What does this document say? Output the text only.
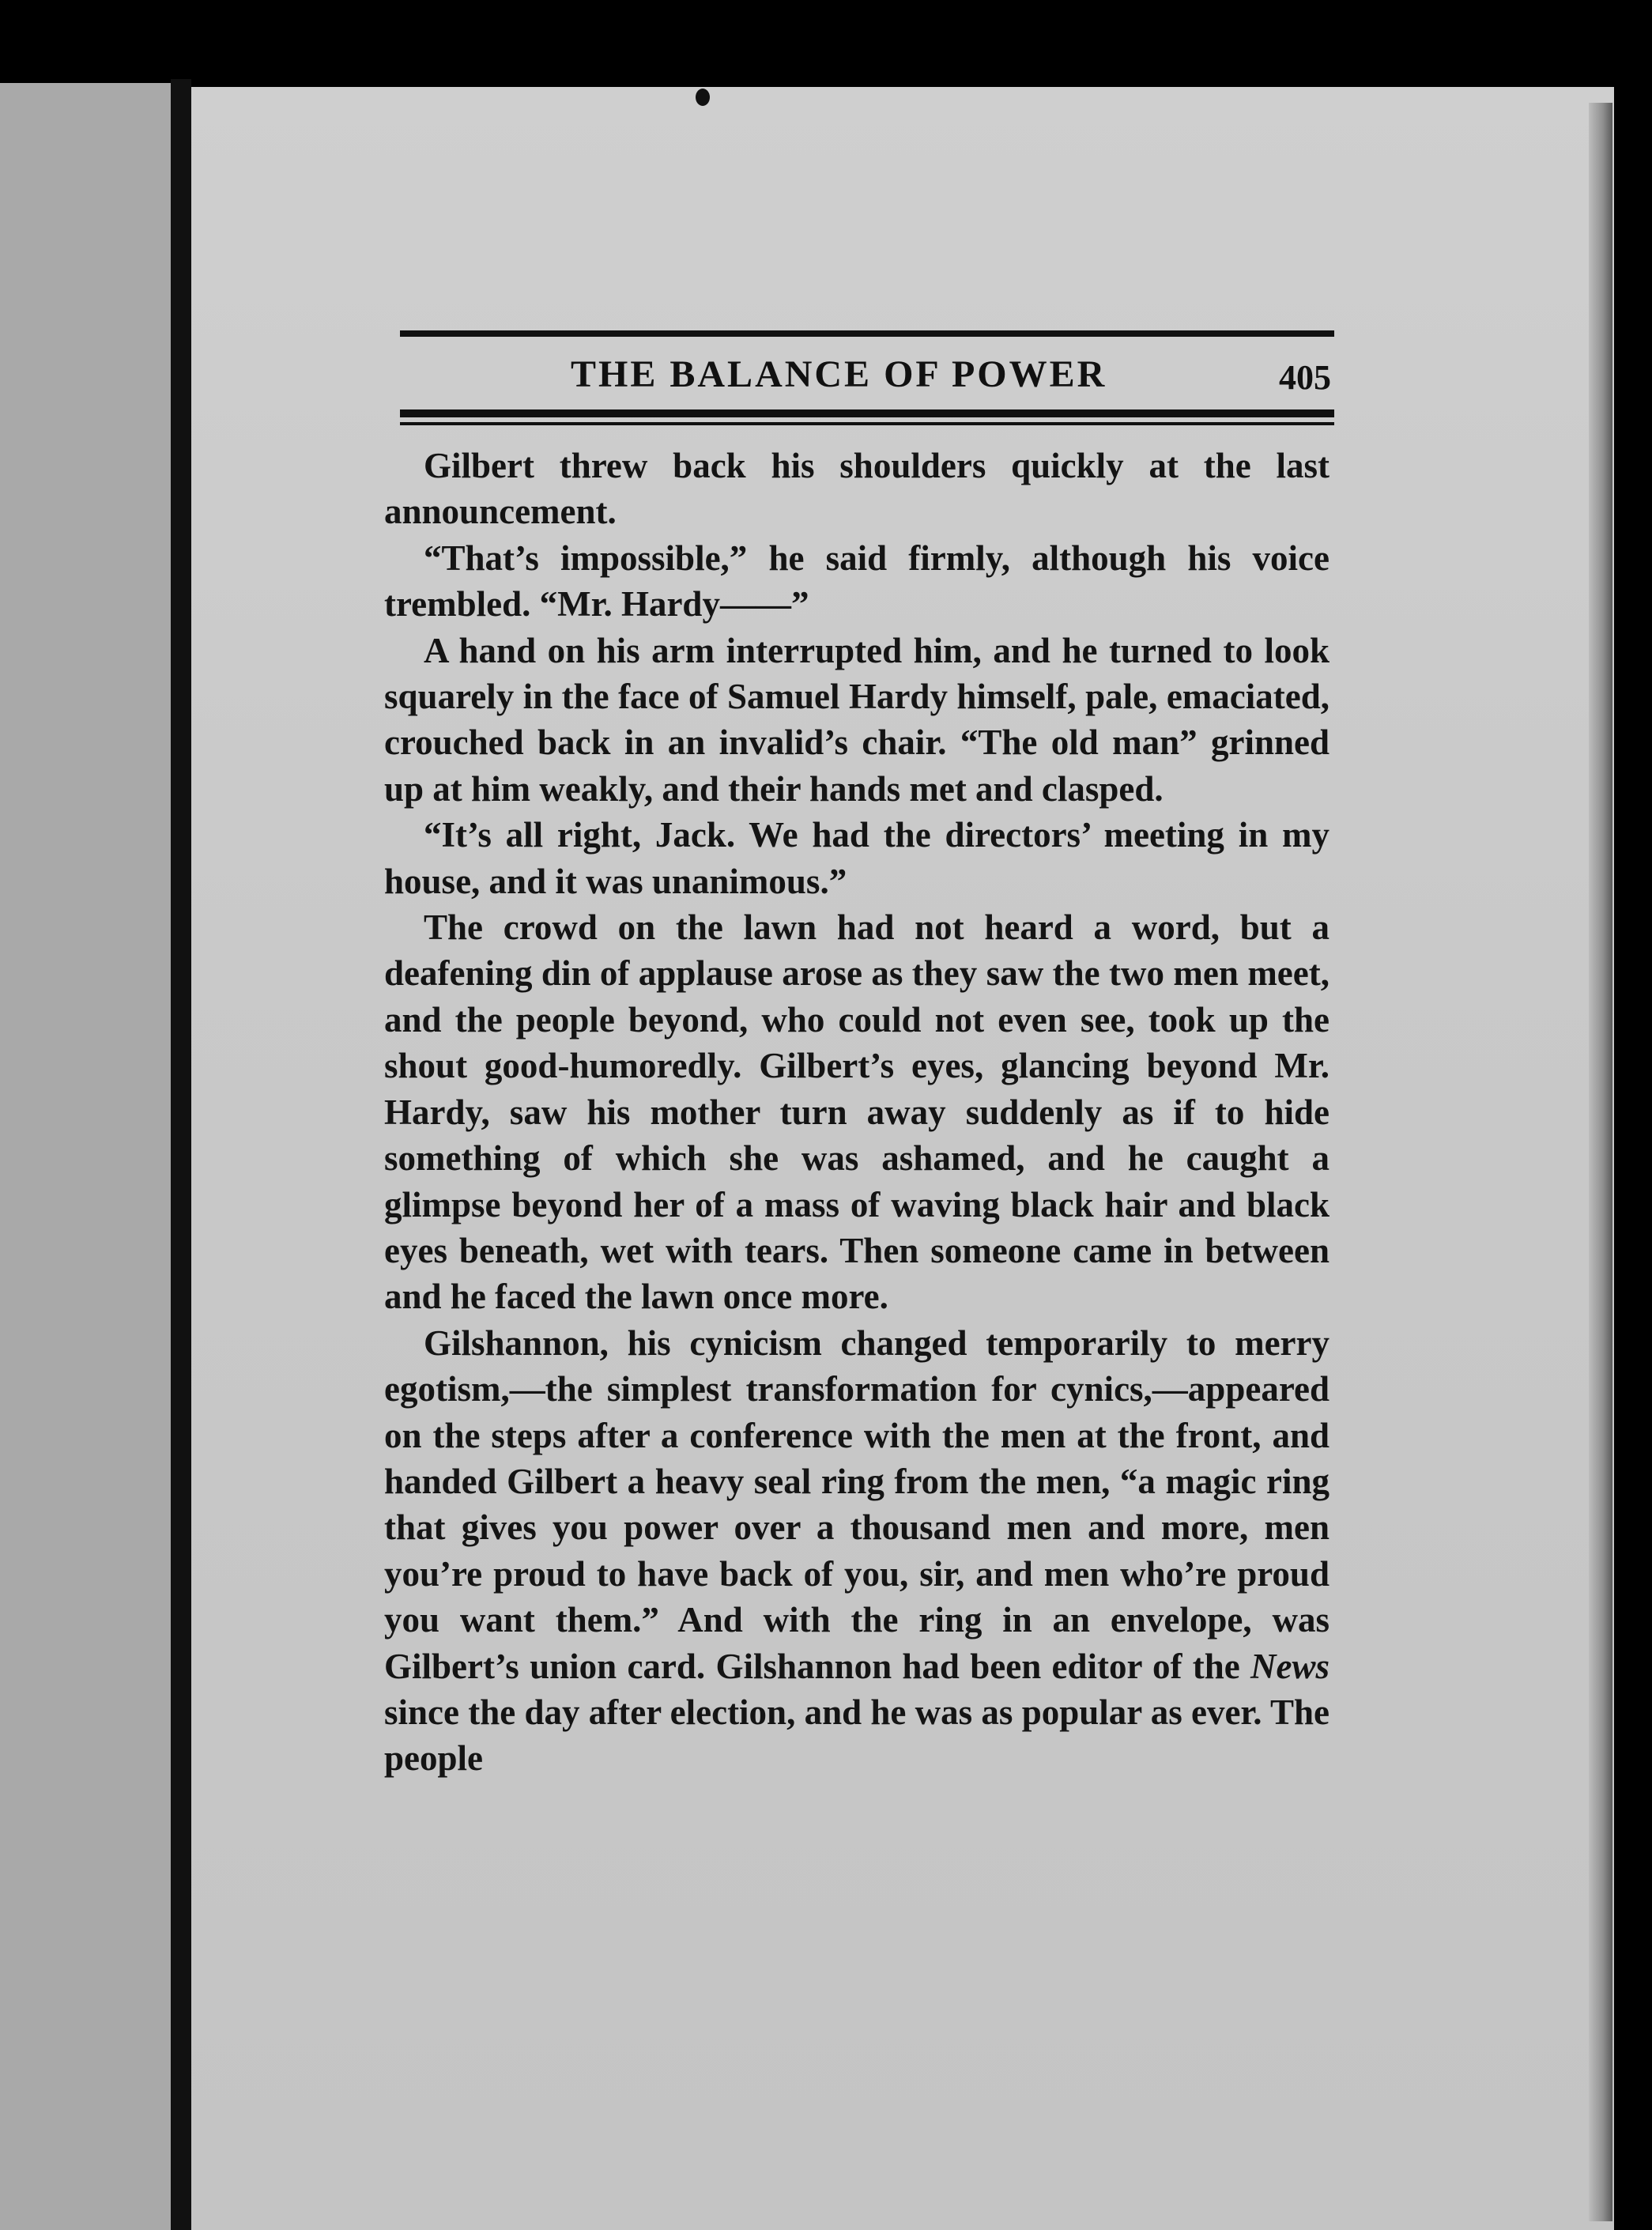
THE BALANCE OF POWER	405

Gilbert threw back his shoulders quickly at the last announcement.

“That’s impossible,” he said firmly, although his voice trembled. “Mr. Hardy——”

A hand on his arm interrupted him, and he turned to look squarely in the face of Samuel Hardy himself, pale, emaciated, crouched back in an invalid’s chair. “The old man” grinned up at him weakly, and their hands met and clasped.

“It’s all right, Jack. We had the directors’ meeting in my house, and it was unanimous.”

The crowd on the lawn had not heard a word, but a deafening din of applause arose as they saw the two men meet, and the people beyond, who could not even see, took up the shout good-humoredly. Gilbert’s eyes, glancing beyond Mr. Hardy, saw his mother turn away suddenly as if to hide something of which she was ashamed, and he caught a glimpse beyond her of a mass of waving black hair and black eyes beneath, wet with tears. Then someone came in between and he faced the lawn once more.

Gilshannon, his cynicism changed temporarily to merry egotism,—the simplest transformation for cynics,—appeared on the steps after a conference with the men at the front, and handed Gilbert a heavy seal ring from the men, “a magic ring that gives you power over a thousand men and more, men you’re proud to have back of you, sir, and men who’re proud you want them.” And with the ring in an envelope, was Gilbert’s union card. Gilshannon had been editor of the News since the day after election, and he was as popular as ever. The people
